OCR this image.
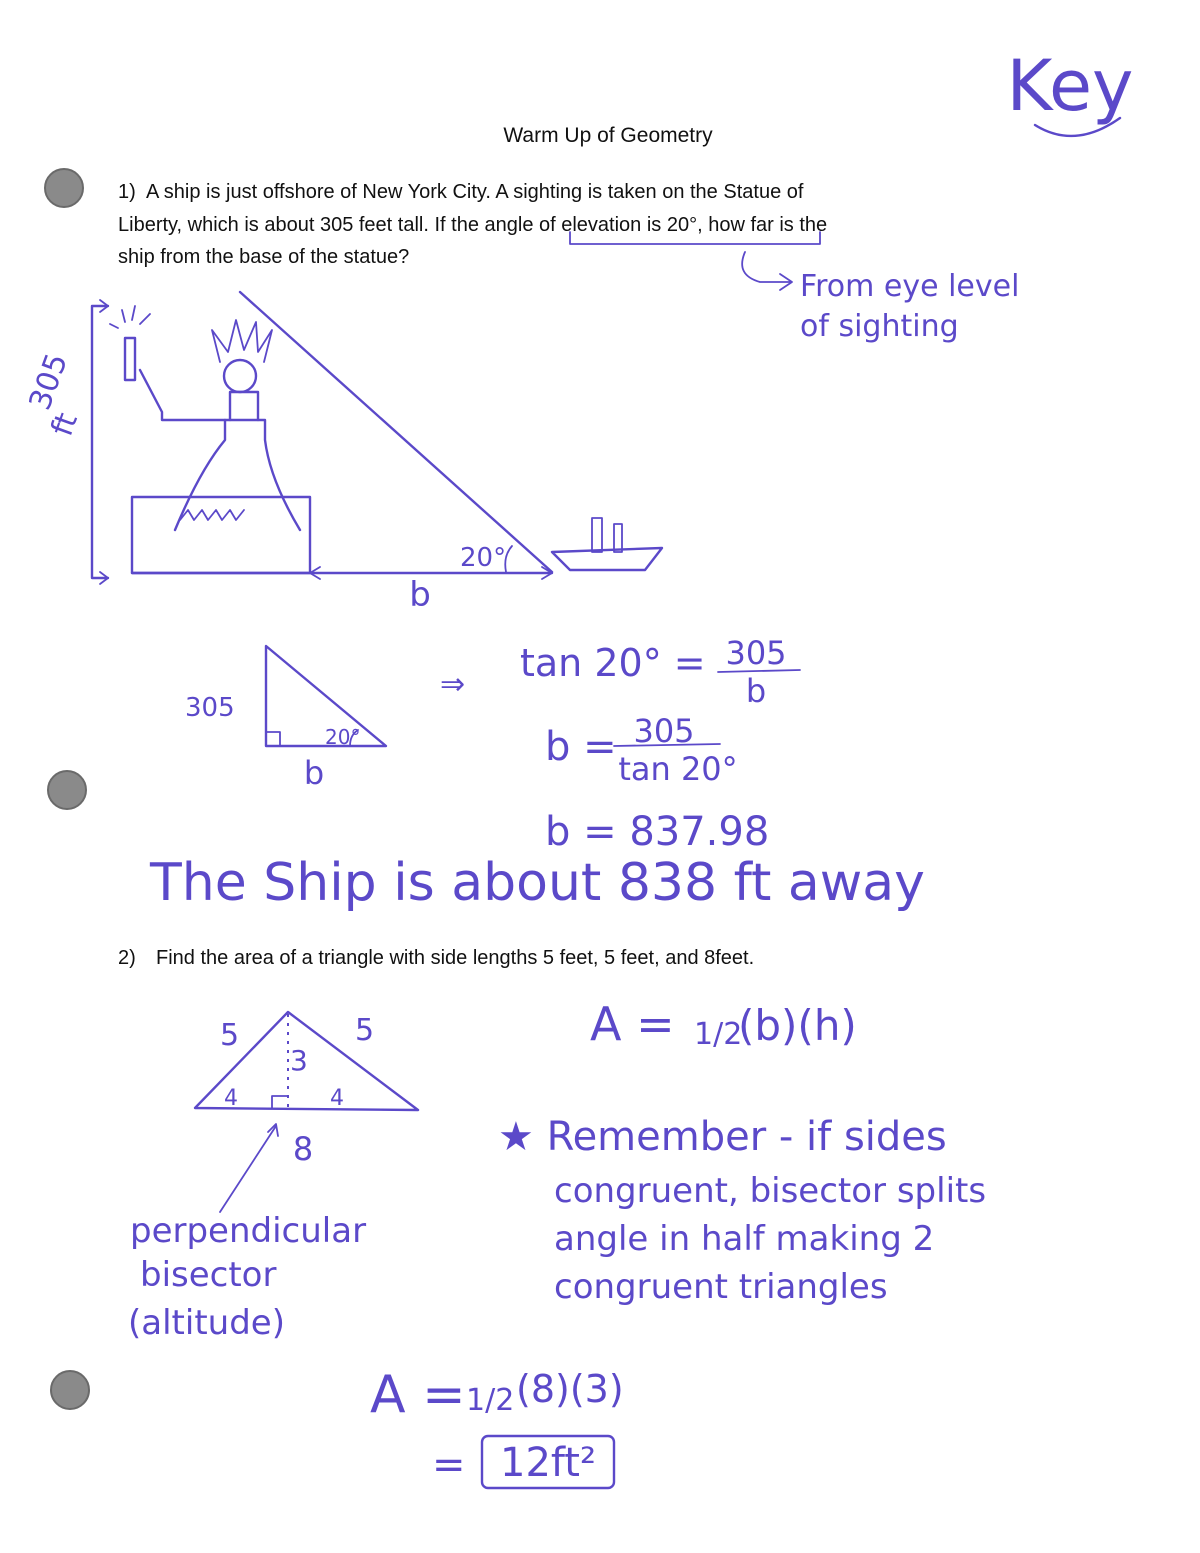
Key
Warm Up of Geometry
1) A ship is just offshore of New York City. A sighting is taken on the Statue of
Liberty, which is about 305 feet tall. If the angle of elevation is 20°, how far is the
ship from the base of the statue?
From eye level
of sighting
305
ft
20°
b
305
20°
b
⇒ tan 20° = 305
b
b = 305
tan 20°
b = 837.98
The Ship is about 838 ft away
2) Find the area of a triangle with side lengths 5 feet, 5 feet, and 8feet.
5	5
3
4	4
8
perpendicular
bisector
(altitude)
A = 1/2
(b)(h)
★ Remember - if sides
congruent, bisector splits
angle in half making 2
congruent triangles
A = 1/2 (8)(3)
= 12ft²
